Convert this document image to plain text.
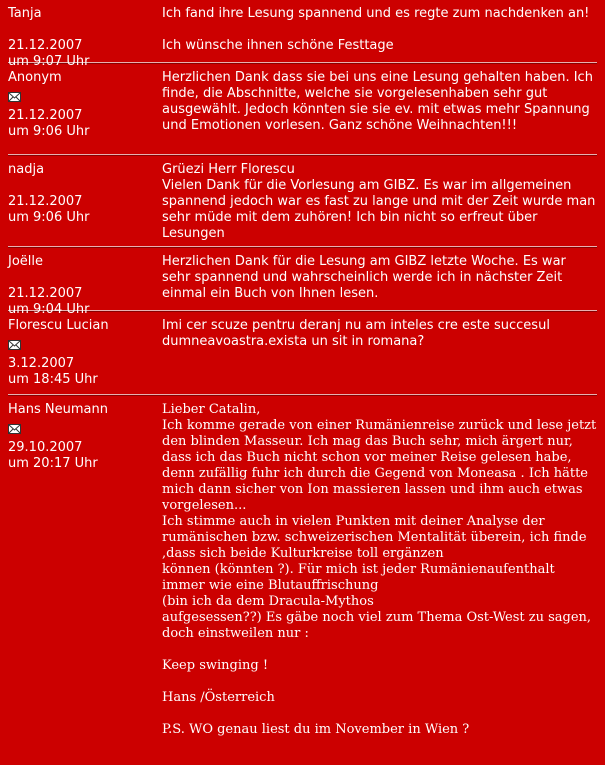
Tanja
21.12.2007
um 9:07 Uhr

Ich fand ihre Lesung spannend und es regte zum nachdenken an!

Ich wünsche ihnen schöne Festtage

Anonym
21.12.2007
um 9:06 Uhr

Herzlichen Dank dass sie bei uns eine Lesung gehalten haben. Ich finde, die Abschnitte, welche sie vorgelesenhaben sehr gut ausgewählt. Jedoch könnten sie sie ev. mit etwas mehr Spannung und Emotionen vorlesen. Ganz schöne Weihnachten!!!

nadja
21.12.2007
um 9:06 Uhr

Grüezi Herr Florescu
Vielen Dank für die Vorlesung am GIBZ. Es war im allgemeinen spannend jedoch war es fast zu lange und mit der Zeit wurde man sehr müde mit dem zuhören! Ich bin nicht so erfreut über Lesungen

Joëlle
21.12.2007
um 9:04 Uhr

Herzlichen Dank für die Lesung am GIBZ letzte Woche. Es war sehr spannend und wahrscheinlich werde ich in nächster Zeit einmal ein Buch von Ihnen lesen.

Florescu Lucian
3.12.2007
um 18:45 Uhr

Imi cer scuze pentru deranj nu am inteles cre este succesul dumneavoastra.exista un sit in romana?

Hans Neumann
29.10.2007
um 20:17 Uhr

Lieber Catalin,
Ich komme gerade von einer Rumänienreise zurück und lese jetzt den blinden Masseur. Ich mag das Buch sehr, mich ärgert nur, dass ich das Buch nicht schon vor meiner Reise gelesen habe, denn zufällig fuhr ich durch die Gegend von Moneasa . Ich hätte mich dann sicher von Ion massieren lassen und ihm auch etwas vorgelesen...
Ich stimme auch in vielen Punkten mit deiner Analyse der rumänischen bzw. schweizerischen Mentalität überein, ich finde ,dass sich beide Kulturkreise toll ergänzen
können (könnten ?). Für mich ist jeder Rumänienaufenthalt immer wie eine Blutauffrischung
(bin ich da dem Dracula-Mythos
aufgesessen??) Es gäbe noch viel zum Thema Ost-West zu sagen, doch einstweilen nur :

Keep swinging !

Hans /Österreich

P.S. WO genau liest du im November in Wien ?
